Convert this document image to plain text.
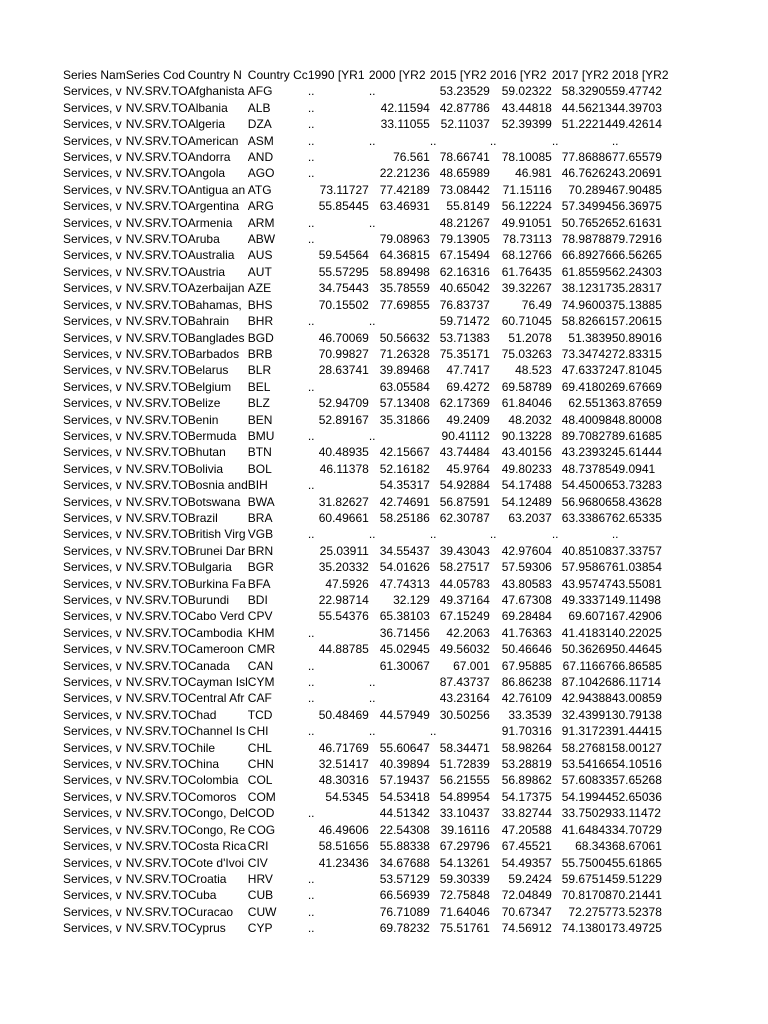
Series Nam	Series Cod	Country N	Country Cc	1990 [YR1	2000 [YR2	2015 [YR2	2016 [YR2	2017 [YR2	2018 [YR2
Services, v	NV.SRV.TO	Afghanista	AFG	..	..	53.23529	59.02322	58.32905	59.47742
Services, v	NV.SRV.TO	Albania	ALB	..	42.11594	42.87786	43.44818	44.56213	44.39703
Services, v	NV.SRV.TO	Algeria	DZA	..	33.11055	52.11037	52.39399	51.22214	49.42614
Services, v	NV.SRV.TO	American	ASM	..	..	..	..	..	..
Services, v	NV.SRV.TO	Andorra	AND	..	76.561	78.66741	78.10085	77.86886	77.65579
Services, v	NV.SRV.TO	Angola	AGO	..	22.21236	48.65989	46.981	46.76262	43.20691
Services, v	NV.SRV.TO	Antigua an	ATG	73.11727	77.42189	73.08442	71.15116	70.2894	67.90485
Services, v	NV.SRV.TO	Argentina	ARG	55.85445	63.46931	55.8149	56.12224	57.34994	56.36975
Services, v	NV.SRV.TO	Armenia	ARM	..	..	48.21267	49.91051	50.76526	52.61631
Services, v	NV.SRV.TO	Aruba	ABW	..	79.08963	79.13905	78.73113	78.98788	79.72916
Services, v	NV.SRV.TO	Australia	AUS	59.54564	64.36815	67.15494	68.12766	66.89276	66.56265
Services, v	NV.SRV.TO	Austria	AUT	55.57295	58.89498	62.16316	61.76435	61.85595	62.24303
Services, v	NV.SRV.TO	Azerbaijan	AZE	34.75443	35.78559	40.65042	39.32267	38.12317	35.28317
Services, v	NV.SRV.TO	Bahamas,	BHS	70.15502	77.69855	76.83737	76.49	74.96003	75.13885
Services, v	NV.SRV.TO	Bahrain	BHR	..	..	59.71472	60.71045	58.82661	57.20615
Services, v	NV.SRV.TO	Banglades	BGD	46.70069	50.56632	53.71383	51.2078	51.3839	50.89016
Services, v	NV.SRV.TO	Barbados	BRB	70.99827	71.26328	75.35171	75.03263	73.34742	72.83315
Services, v	NV.SRV.TO	Belarus	BLR	28.63741	39.89468	47.7417	48.523	47.63372	47.81045
Services, v	NV.SRV.TO	Belgium	BEL	..	63.05584	69.4272	69.58789	69.41802	69.67669
Services, v	NV.SRV.TO	Belize	BLZ	52.94709	57.13408	62.17369	61.84046	62.5513	63.87659
Services, v	NV.SRV.TO	Benin	BEN	52.89167	35.31866	49.2409	48.2032	48.40098	48.80008
Services, v	NV.SRV.TO	Bermuda	BMU	..	..	90.41112	90.13228	89.70827	89.61685
Services, v	NV.SRV.TO	Bhutan	BTN	40.48935	42.15667	43.74484	43.40156	43.23932	45.61444
Services, v	NV.SRV.TO	Bolivia	BOL	46.11378	52.16182	45.9764	49.80233	48.73785	49.0941
Services, v	NV.SRV.TO	Bosnia and	BIH	..	54.35317	54.92884	54.17488	54.45006	53.73283
Services, v	NV.SRV.TO	Botswana	BWA	31.82627	42.74691	56.87591	54.12489	56.96806	58.43628
Services, v	NV.SRV.TO	Brazil	BRA	60.49661	58.25186	62.30787	63.2037	63.33867	62.65335
Services, v	NV.SRV.TO	British Virg	VGB	..	..	..	..	..	..
Services, v	NV.SRV.TO	Brunei Dar	BRN	25.03911	34.55437	39.43043	42.97604	40.85108	37.33757
Services, v	NV.SRV.TO	Bulgaria	BGR	35.20332	54.01626	58.27517	57.59306	57.95867	61.03854
Services, v	NV.SRV.TO	Burkina Fa	BFA	47.5926	47.74313	44.05783	43.80583	43.95747	43.55081
Services, v	NV.SRV.TO	Burundi	BDI	22.98714	32.129	49.37164	47.67308	49.33371	49.11498
Services, v	NV.SRV.TO	Cabo Verd	CPV	55.54376	65.38103	67.15249	69.28484	69.6071	67.42906
Services, v	NV.SRV.TO	Cambodia	KHM	..	36.71456	42.2063	41.76363	41.41831	40.22025
Services, v	NV.SRV.TO	Cameroon	CMR	44.88785	45.02945	49.56032	50.46646	50.36269	50.44645
Services, v	NV.SRV.TO	Canada	CAN	..	61.30067	67.001	67.95885	67.11667	66.86585
Services, v	NV.SRV.TO	Cayman Isl	CYM	..	..	87.43737	86.86238	87.10426	86.11714
Services, v	NV.SRV.TO	Central Afr	CAF	..	..	43.23164	42.76109	42.94388	43.00859
Services, v	NV.SRV.TO	Chad	TCD	50.48469	44.57949	30.50256	33.3539	32.43991	30.79138
Services, v	NV.SRV.TO	Channel Is	CHI	..	..	..	91.70316	91.31723	91.44415
Services, v	NV.SRV.TO	Chile	CHL	46.71769	55.60647	58.34471	58.98264	58.27681	58.00127
Services, v	NV.SRV.TO	China	CHN	32.51417	40.39894	51.72839	53.28819	53.54166	54.10516
Services, v	NV.SRV.TO	Colombia	COL	48.30316	57.19437	56.21555	56.89862	57.60833	57.65268
Services, v	NV.SRV.TO	Comoros	COM	54.5345	54.53418	54.89954	54.17375	54.19944	52.65036
Services, v	NV.SRV.TO	Congo, Del	COD	..	44.51342	33.10437	33.82744	33.75029	33.11472
Services, v	NV.SRV.TO	Congo, Re	COG	46.49606	22.54308	39.16116	47.20588	41.64843	34.70729
Services, v	NV.SRV.TO	Costa Rica	CRI	58.51656	55.88338	67.29796	67.45521	68.343	68.67061
Services, v	NV.SRV.TO	Cote d'Ivoi	CIV	41.23436	34.67688	54.13261	54.49357	55.75004	55.61865
Services, v	NV.SRV.TO	Croatia	HRV	..	53.57129	59.30339	59.2424	59.67514	59.51229
Services, v	NV.SRV.TO	Cuba	CUB	..	66.56939	72.75848	72.04849	70.81708	70.21441
Services, v	NV.SRV.TO	Curacao	CUW	..	76.71089	71.64046	70.67347	72.2757	73.52378
Services, v	NV.SRV.TO	Cyprus	CYP	..	69.78232	75.51761	74.56912	74.13801	73.49725
